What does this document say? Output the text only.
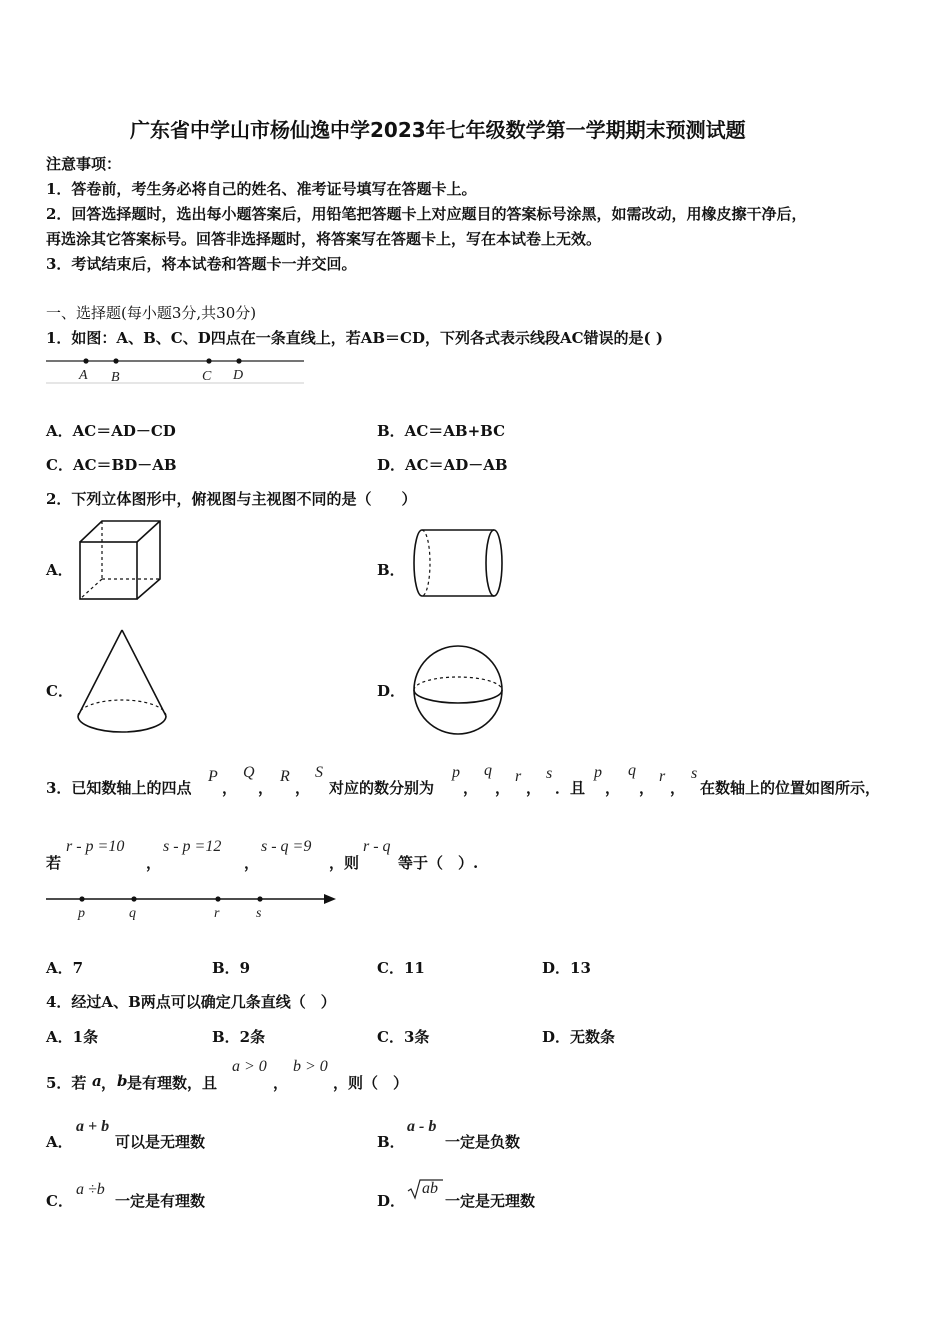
广东省中学山市杨仙逸中学2023年七年级数学第一学期期末预测试题
注意事项：
1．答卷前，考生务必将自己的姓名、准考证号填写在答题卡上。
2．回答选择题时，选出每小题答案后，用铅笔把答题卡上对应题目的答案标号涂黑，如需改动，用橡皮擦干净后，
再选涂其它答案标号。回答非选择题时，将答案写在答题卡上，写在本试卷上无效。
3．考试结束后，将本试卷和答题卡一并交回。
一、选择题(每小题3分,共30分)
1．如图：A、B、C、D四点在一条直线上，若AB＝CD，下列各式表示线段AC错误的是( )
A B	C D
A．AC＝AD－CD	B．AC＝AB+BC
C．AC＝BD－AB	D．AC＝AD－AB
2．下列立体图形中，俯视图与主视图不同的是（　　）
A．	B．
C．	D．
3．已知数轴上的四点
P
，
Q
，
R
，
S
对应的数分别为
p
，
q
，
r
，
s
．且
p
，
q
，
r
，
s
在数轴上的位置如图所示，
若
r - p =10
，
s - p =12
，
s - q =9
，则
r - q
等于（　）.
p	q	r	s
A．7	B．9	C．11	D．13
4．经过A、B两点可以确定几条直线（　）
A．1条	B．2条	C．3条	D．无数条
5．若 a ， b 是有理数，且
a > 0
，
b > 0
，则（　）
A．
a + b
可以是无理数	B．
a - b
一定是负数
C．
a ÷b
一定是有理数	D．
ab
一定是无理数
